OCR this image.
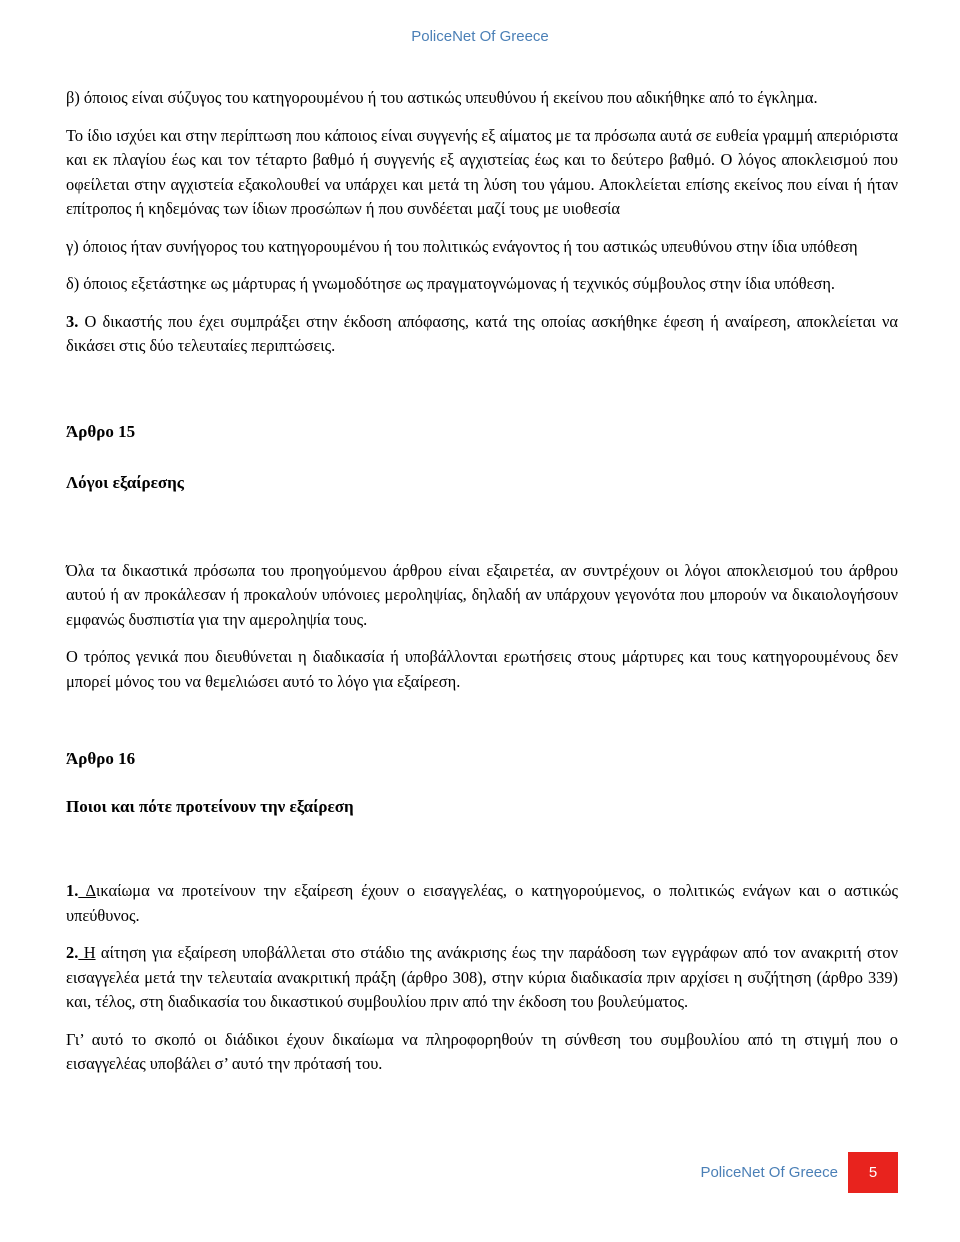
PoliceNet Of Greece

β) όποιος είναι σύζυγος του κατηγορουμένου ή του αστικώς υπευθύνου ή εκείνου που αδικήθηκε από το έγκλημα.

Το ίδιο ισχύει και στην περίπτωση που κάποιος είναι συγγενής εξ αίματος με τα πρόσωπα αυτά σε ευθεία γραμμή απεριόριστα και εκ πλαγίου έως και τον τέταρτο βαθμό ή συγγενής εξ αγχιστείας έως και το δεύτερο βαθμό. Ο λόγος αποκλεισμού που οφείλεται στην αγχιστεία εξακολουθεί να υπάρχει και μετά τη λύση του γάμου. Αποκλείεται επίσης εκείνος που είναι ή ήταν επίτροπος ή κηδεμόνας των ίδιων προσώπων ή που συνδέεται μαζί τους με υιοθεσία

γ) όποιος ήταν συνήγορος του κατηγορουμένου ή του πολιτικώς ενάγοντος ή του αστικώς υπευθύνου στην ίδια υπόθεση

δ) όποιος εξετάστηκε ως μάρτυρας ή γνωμοδότησε ως πραγματογνώμονας ή τεχνικός σύμβουλος στην ίδια υπόθεση.

3. Ο δικαστής που έχει συμπράξει στην έκδοση απόφασης, κατά της οποίας ασκήθηκε έφεση ή αναίρεση, αποκλείεται να δικάσει στις δύο τελευταίες περιπτώσεις.

Άρθρο 15

Λόγοι εξαίρεσης

Όλα τα δικαστικά πρόσωπα του προηγούμενου άρθρου είναι εξαιρετέα, αν συντρέχουν οι λόγοι αποκλεισμού του άρθρου αυτού ή αν προκάλεσαν ή προκαλούν υπόνοιες μεροληψίας, δηλαδή αν υπάρχουν γεγονότα που μπορούν να δικαιολογήσουν εμφανώς δυσπιστία για την αμεροληψία τους.

Ο τρόπος γενικά που διευθύνεται η διαδικασία ή υποβάλλονται ερωτήσεις στους μάρτυρες και τους κατηγορουμένους δεν μπορεί μόνος του να θεμελιώσει αυτό το λόγο για εξαίρεση.

Άρθρο 16

Ποιοι και πότε προτείνουν την εξαίρεση

1. Δικαίωμα να προτείνουν την εξαίρεση έχουν ο εισαγγελέας, ο κατηγορούμενος, ο πολιτικώς ενάγων και ο αστικώς υπεύθυνος.

2. Η αίτηση για εξαίρεση υποβάλλεται στο στάδιο της ανάκρισης έως την παράδοση των εγγράφων από τον ανακριτή στον εισαγγελέα μετά την τελευταία ανακριτική πράξη (άρθρο 308), στην κύρια διαδικασία πριν αρχίσει η συζήτηση (άρθρο 339) και, τέλος, στη διαδικασία του δικαστικού συμβουλίου πριν από την έκδοση του βουλεύματος.

Γι’ αυτό το σκοπό οι διάδικοι έχουν δικαίωμα να πληροφορηθούν τη σύνθεση του συμβουλίου από τη στιγμή που ο εισαγγελέας υποβάλει σ’ αυτό την πρότασή του.

PoliceNet Of Greece	5
